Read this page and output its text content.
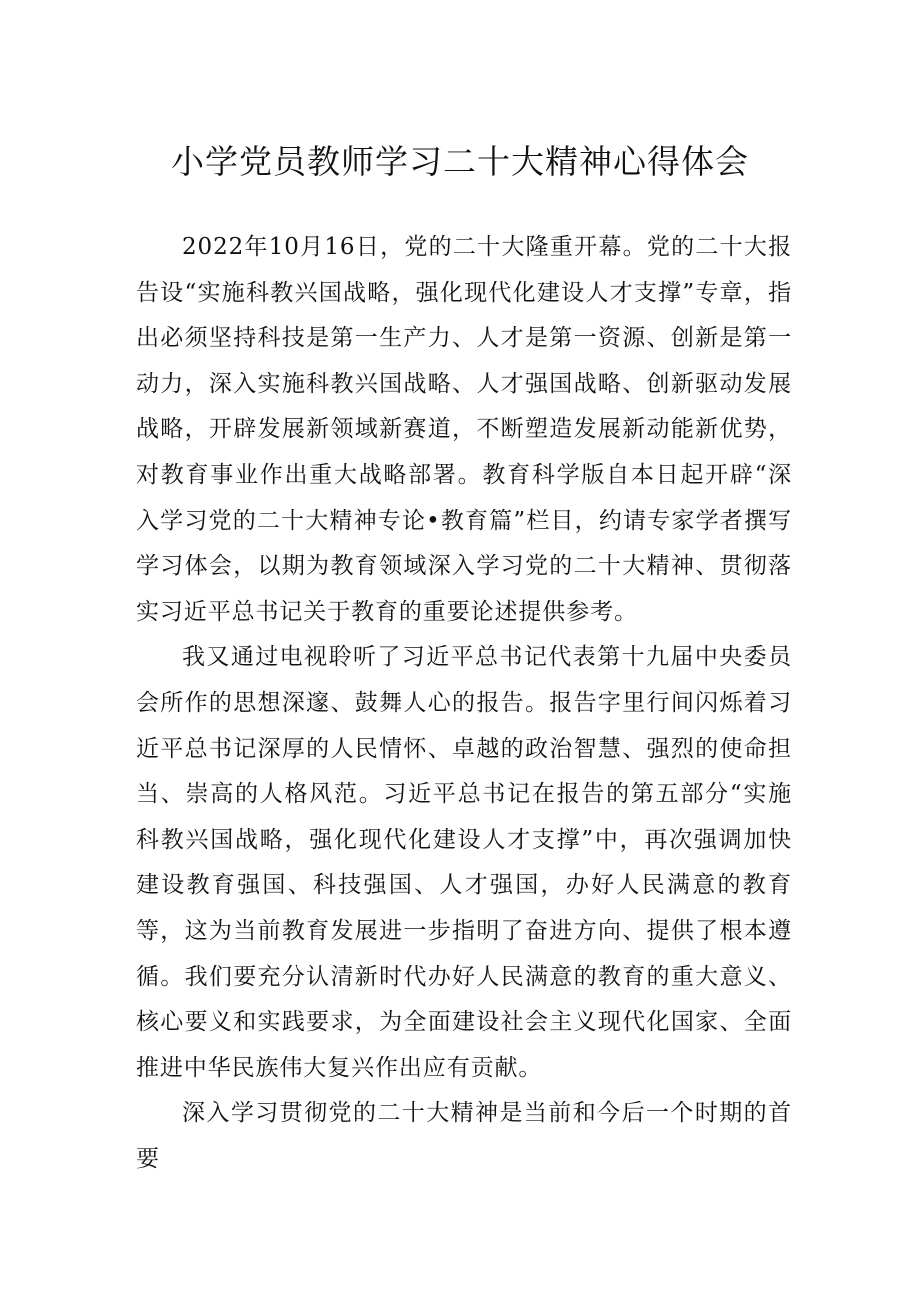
小学党员教师学习二十大精神心得体会

2022年10月16日，党的二十大隆重开幕。党的二十大报告设“实施科教兴国战略，强化现代化建设人才支撑”专章，指出必须坚持科技是第一生产力、人才是第一资源、创新是第一动力，深入实施科教兴国战略、人才强国战略、创新驱动发展战略，开辟发展新领域新赛道，不断塑造发展新动能新优势，对教育事业作出重大战略部署。教育科学版自本日起开辟“深入学习党的二十大精神专论•教育篇”栏目，约请专家学者撰写学习体会，以期为教育领域深入学习党的二十大精神、贯彻落实习近平总书记关于教育的重要论述提供参考。

我又通过电视聆听了习近平总书记代表第十九届中央委员会所作的思想深邃、鼓舞人心的报告。报告字里行间闪烁着习近平总书记深厚的人民情怀、卓越的政治智慧、强烈的使命担当、崇高的人格风范。习近平总书记在报告的第五部分“实施科教兴国战略，强化现代化建设人才支撑”中，再次强调加快建设教育强国、科技强国、人才强国，办好人民满意的教育等，这为当前教育发展进一步指明了奋进方向、提供了根本遵循。我们要充分认清新时代办好人民满意的教育的重大意义、核心要义和实践要求，为全面建设社会主义现代化国家、全面推进中华民族伟大复兴作出应有贡献。

深入学习贯彻党的二十大精神是当前和今后一个时期的首要
